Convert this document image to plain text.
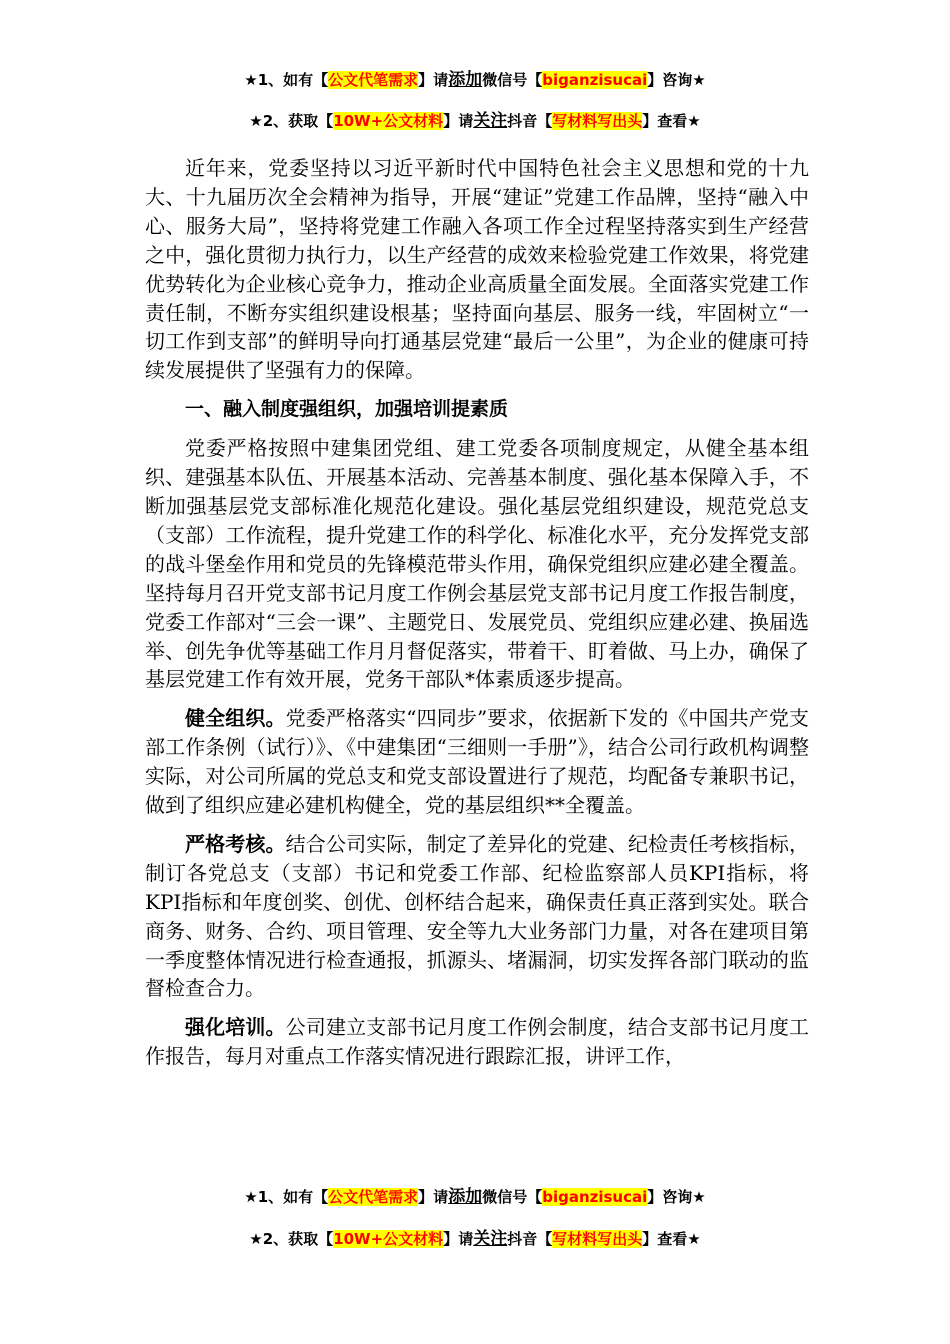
★1、如有【公文代笔需求】请添加微信号【biganzisucai】咨询★
★2、获取【10W+公文材料】请关注抖音【写材料写出头】查看★

近年来，党委坚持以习近平新时代中国特色社会主义思想和党的十九大、十九届历次全会精神为指导，开展“建证”党建工作品牌，坚持“融入中心、服务大局”，坚持将党建工作融入各项工作全过程坚持落实到生产经营之中，强化贯彻力执行力，以生产经营的成效来检验党建工作效果，将党建优势转化为企业核心竞争力，推动企业高质量全面发展。全面落实党建工作责任制，不断夯实组织建设根基；坚持面向基层、服务一线，牢固树立“一切工作到支部”的鲜明导向打通基层党建“最后一公里”，为企业的健康可持续发展提供了坚强有力的保障。

一、融入制度强组织，加强培训提素质

党委严格按照中建集团党组、建工党委各项制度规定，从健全基本组织、建强基本队伍、开展基本活动、完善基本制度、强化基本保障入手，不断加强基层党支部标准化规范化建设。强化基层党组织建设，规范党总支（支部）工作流程，提升党建工作的科学化、标准化水平，充分发挥党支部的战斗堡垒作用和党员的先锋模范带头作用，确保党组织应建必建全覆盖。坚持每月召开党支部书记月度工作例会基层党支部书记月度工作报告制度，党委工作部对“三会一课”、主题党日、发展党员、党组织应建必建、换届选举、创先争优等基础工作月月督促落实，带着干、盯着做、马上办，确保了基层党建工作有效开展，党务干部队*体素质逐步提高。

健全组织。党委严格落实“四同步”要求，依据新下发的《中国共产党支部工作条例（试行）》、《中建集团“三细则一手册”》，结合公司行政机构调整实际，对公司所属的党总支和党支部设置进行了规范，均配备专兼职书记，做到了组织应建必建机构健全，党的基层组织**全覆盖。

严格考核。结合公司实际，制定了差异化的党建、纪检责任考核指标，制订各党总支（支部）书记和党委工作部、纪检监察部人员KPI指标，将KPI指标和年度创奖、创优、创杯结合起来，确保责任真正落到实处。联合商务、财务、合约、项目管理、安全等九大业务部门力量，对各在建项目第一季度整体情况进行检查通报，抓源头、堵漏洞，切实发挥各部门联动的监督检查合力。

强化培训。公司建立支部书记月度工作例会制度，结合支部书记月度工作报告，每月对重点工作落实情况进行跟踪汇报，讲评工作，

★1、如有【公文代笔需求】请添加微信号【biganzisucai】咨询★
★2、获取【10W+公文材料】请关注抖音【写材料写出头】查看★
